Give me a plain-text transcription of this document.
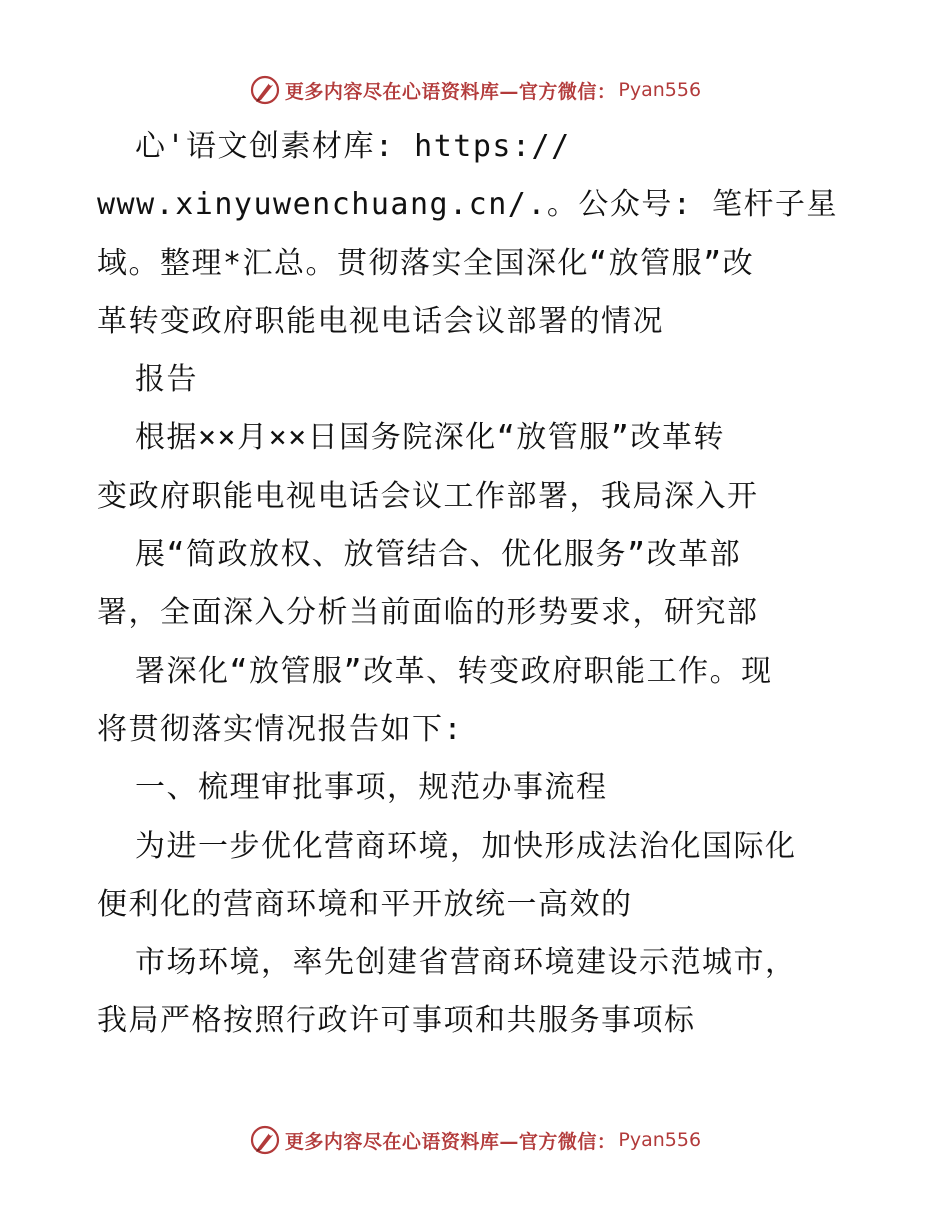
更多内容尽在心语资料库—官方微信： Pyan556
心'语文创素材库: https://
www.xinyuwenchuang.cn/.。公众号: 笔杆子星
域。整理*汇总。贯彻落实全国深化“放管服”改
革转变政府职能电视电话会议部署的情况
报告
根据××月××日国务院深化“放管服”改革转
变政府职能电视电话会议工作部署，我局深入开
展“简政放权、放管结合、优化服务”改革部
署，全面深入分析当前面临的形势要求，研究部
署深化“放管服”改革、转变政府职能工作。现
将贯彻落实情况报告如下:
一、梳理审批事项，规范办事流程
为进一步优化营商环境，加快形成法治化国际化
便利化的营商环境和平开放统一高效的
市场环境，率先创建省营商环境建设示范城市，
我局严格按照行政许可事项和共服务事项标
更多内容尽在心语资料库—官方微信： Pyan556
